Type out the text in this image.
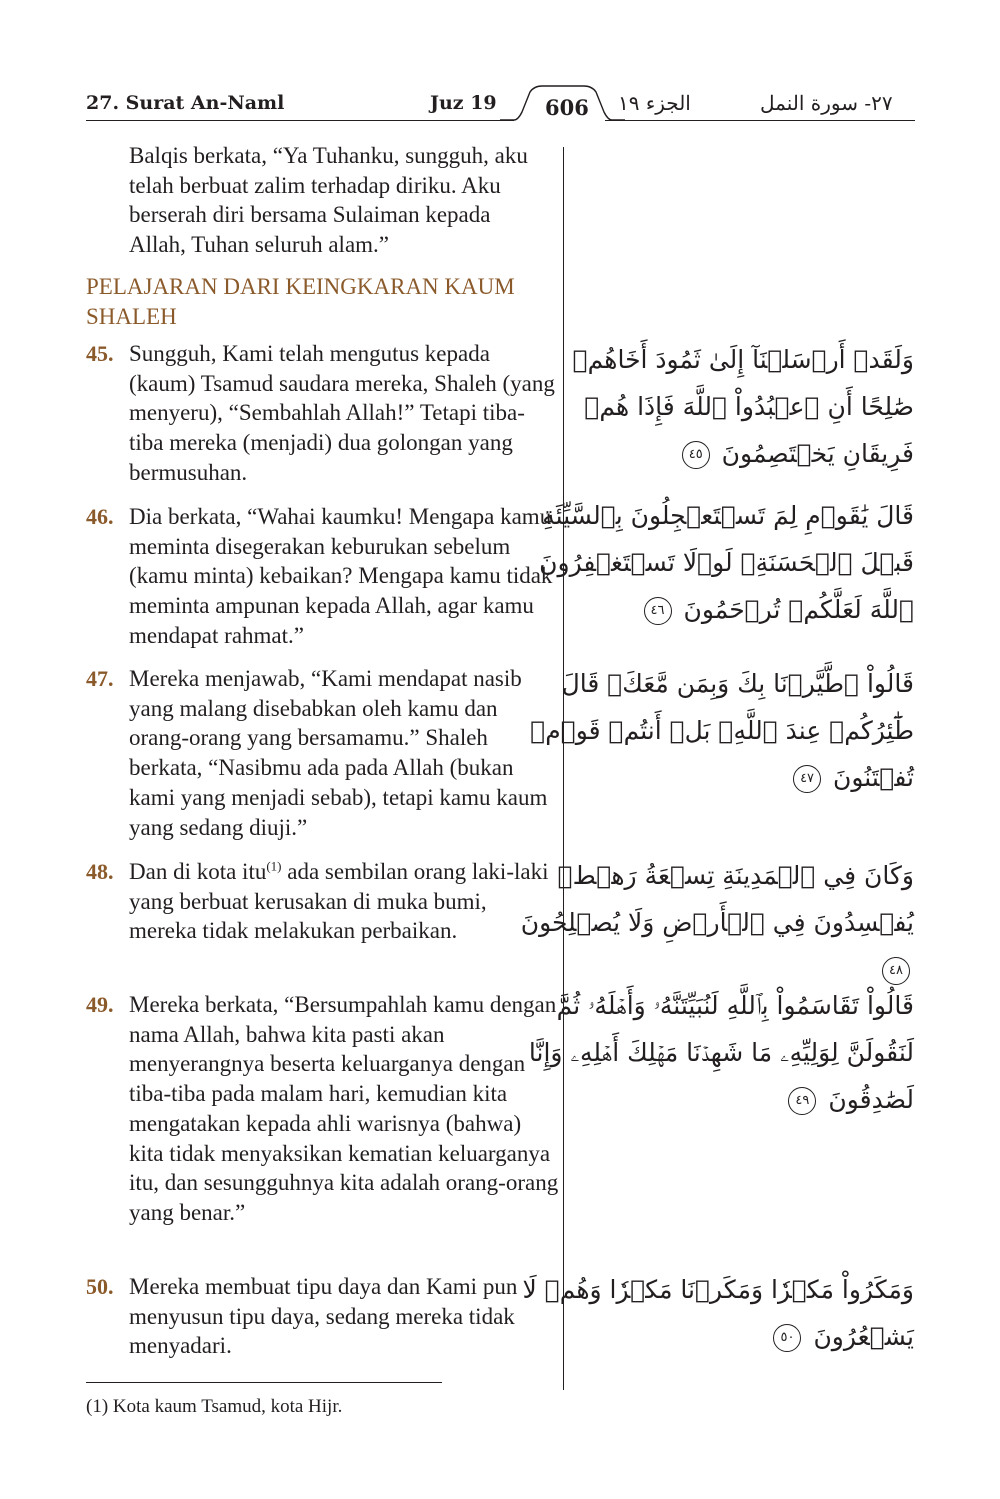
27. Surat An-Naml	Juz 19 606 الجزء ١٩	٢٧- سورة النمل
Balqis berkata, “Ya Tuhanku, sungguh, aku telah berbuat zalim terhadap diriku. Aku berserah diri bersama Sulaiman kepada Allah, Tuhan seluruh alam.”
PELAJARAN DARI KEINGKARAN KAUM SHALEH
45. Sungguh, Kami telah mengutus kepada (kaum) Tsamud saudara mereka, Shaleh (yang menyeru), “Sembahlah Allah!” Tetapi tiba-tiba mereka (menjadi) dua golongan yang bermusuhan.
وَلَقَدۡ أَرۡسَلۡنَآ إِلَىٰ ثَمُودَ أَخَاهُمۡ صَٰلِحًا أَنِ ٱعۡبُدُواْ ٱللَّهَ فَإِذَا هُمۡ فَرِيقَانِ يَخۡتَصِمُونَ ٤٥
46. Dia berkata, “Wahai kaumku! Mengapa kamu meminta disegerakan keburukan sebelum (kamu minta) kebaikan? Mengapa kamu tidak meminta ampunan kepada Allah, agar kamu mendapat rahmat.”
قَالَ يَٰقَوۡمِ لِمَ تَسۡتَعۡجِلُونَ بِٱلسَّيِّئَةِ قَبۡلَ ٱلۡحَسَنَةِۖ لَوۡلَا تَسۡتَغۡفِرُونَ ٱللَّهَ لَعَلَّكُمۡ تُرۡحَمُونَ ٤٦
47. Mereka menjawab, “Kami mendapat nasib yang malang disebabkan oleh kamu dan orang-orang yang bersamamu.” Shaleh berkata, “Nasibmu ada pada Allah (bukan kami yang menjadi sebab), tetapi kamu kaum yang sedang diuji.”
قَالُواْ ٱطَّيَّرۡنَا بِكَ وَبِمَن مَّعَكَۚ قَالَ طَٰٓئِرُكُمۡ عِندَ ٱللَّهِۖ بَلۡ أَنتُمۡ قَوۡمٞ تُفۡتَنُونَ ٤٧
48. Dan di kota itu$^{(1)}$ ada sembilan orang laki-laki yang berbuat kerusakan di muka bumi, mereka tidak melakukan perbaikan.
وَكَانَ فِي ٱلۡمَدِينَةِ تِسۡعَةُ رَهۡطٖ يُفۡسِدُونَ فِي ٱلۡأَرۡضِ وَلَا يُصۡلِحُونَ ٤٨
49. Mereka berkata, “Bersumpahlah kamu dengan nama Allah, bahwa kita pasti akan menyerangnya beserta keluarganya dengan tiba-tiba pada malam hari, kemudian kita mengatakan kepada ahli warisnya (bahwa) kita tidak menyaksikan kematian keluarganya itu, dan sesungguhnya kita adalah orang-orang yang benar.”
قَالُواْ تَقَاسَمُواْ بِٱللَّهِ لَنُبَيِّتَنَّهُۥ وَأَهۡلَهُۥ ثُمَّ لَنَقُولَنَّ لِوَلِيِّهِۦ مَا شَهِدۡنَا مَهۡلِكَ أَهۡلِهِۦ وَإِنَّا لَصَٰدِقُونَ ٤٩
50. Mereka membuat tipu daya dan Kami pun menyusun tipu daya, sedang mereka tidak menyadari.
وَمَكَرُواْ مَكۡرٗا وَمَكَرۡنَا مَكۡرٗا وَهُمۡ لَا يَشۡعُرُونَ ٥٠
(1) Kota kaum Tsamud, kota Hijr.
